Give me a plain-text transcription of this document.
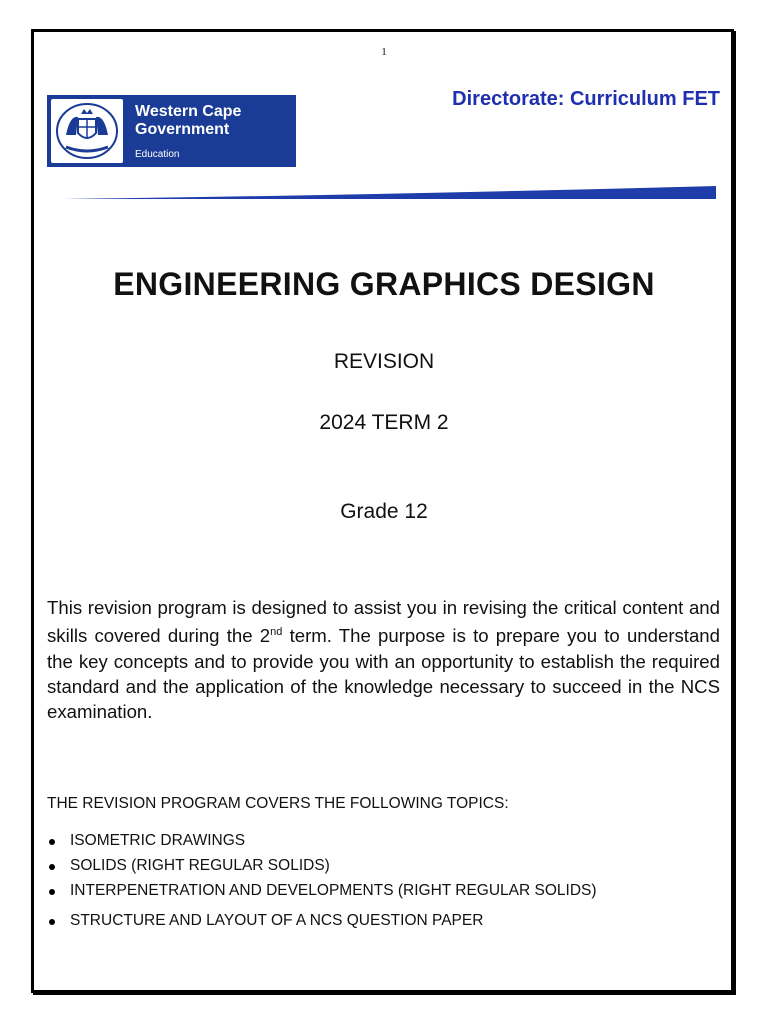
1
Western Cape
Government
Education
Directorate: Curriculum FET
ENGINEERING GRAPHICS DESIGN
REVISION
2024 TERM 2
Grade 12

This revision program is designed to assist you in revising the critical content and skills covered during the 2nd term. The purpose is to prepare you to understand the key concepts and to provide you with an opportunity to establish the required standard and the application of the knowledge necessary to succeed in the NCS examination.

THE REVISION PROGRAM COVERS THE FOLLOWING TOPICS:
ISOMETRIC DRAWINGS
SOLIDS (RIGHT REGULAR SOLIDS)
INTERPENETRATION AND DEVELOPMENTS (RIGHT REGULAR SOLIDS)
STRUCTURE AND LAYOUT OF A NCS QUESTION PAPER
